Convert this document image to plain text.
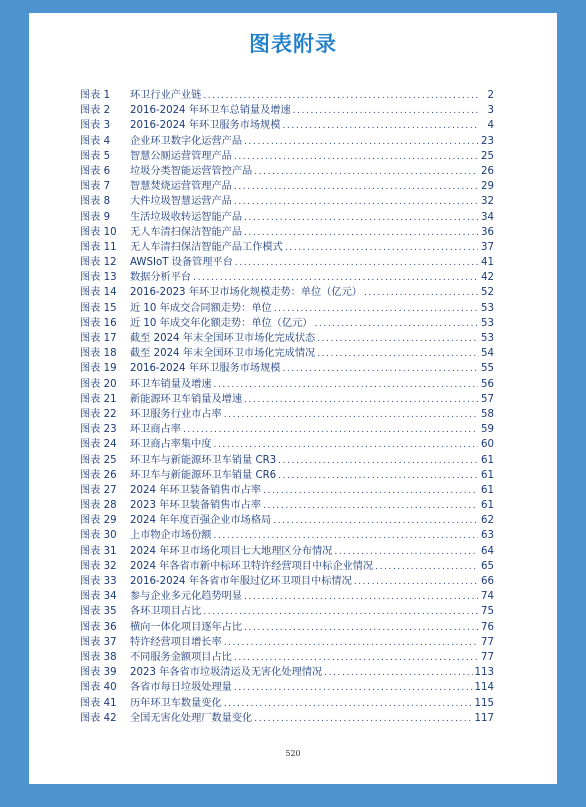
图表附录
图表 1	环卫行业产业链 .....	2
图表 2	2016-2024 年环卫车总销量及增速 .....	3
图表 3	2016-2024 年环卫服务市场规模 .....	4
图表 4	企业环卫数字化运营产品 .....	23
图表 5	智慧公厕运营管理产品 .....	25
图表 6	垃圾分类智能运营管控产品 .....	26
图表 7	智慧焚烧运营管理产品 .....	29
图表 8	大件垃圾智慧运营产品 .....	32
图表 9	生活垃圾收转运智能产品 .....	34
图表 10	无人车清扫保洁智能产品 .....	36
图表 11	无人车清扫保洁智能产品工作模式 .....	37
图表 12	AWSIoT 设备管理平台 .....	41
图表 13	数据分析平台 .....	42
图表 14	2016-2023 年环卫市场化规模走势：单位（亿元） .....	52
图表 15	近 10 年成交合同额走势：单位 .....	53
图表 16	近 10 年成交年化额走势：单位（亿元） .....	53
图表 17	截至 2024 年末全国环卫市场化完成状态 .....	53
图表 18	截至 2024 年末全国环卫市场化完成情况 .....	54
图表 19	2016-2024 年环卫服务市场规模 .....	55
图表 20	环卫车销量及增速 .....	56
图表 21	新能源环卫车销量及增速 .....	57
图表 22	环卫服务行业市占率 .....	58
图表 23	环卫商占率 .....	59
图表 24	环卫商占率集中度 .....	60
图表 25	环卫车与新能源环卫车销量 CR3 .....	61
图表 26	环卫车与新能源环卫车销量 CR6 .....	61
图表 27	2024 年环卫装备销售市占率 .....	61
图表 28	2023 年环卫装备销售市占率 .....	61
图表 29	2024 年年度百强企业市场格局 .....	62
图表 30	上市物企市场份额 .....	63
图表 31	2024 年环卫市场化项目七大地理区分布情况 .....	64
图表 32	2024 年各省市新中标环卫特许经营项目中标企业情况 .....	65
图表 33	2016-2024 年各省市年服过亿环卫项目中标情况 .....	66
图表 34	参与企业多元化趋势明显 .....	74
图表 35	各环卫项目占比 .....	75
图表 36	横向一体化项目逐年占比 .....	76
图表 37	特许经营项目增长率 .....	77
图表 38	不同服务金额项目占比 .....	77
图表 39	2023 年各省市垃圾清运及无害化处理情况 .....	113
图表 40	各省市每日垃圾处理量 .....	114
图表 41	历年环卫车数量变化 .....	115
图表 42	全国无害化处理厂数量变化 .....	117
520
